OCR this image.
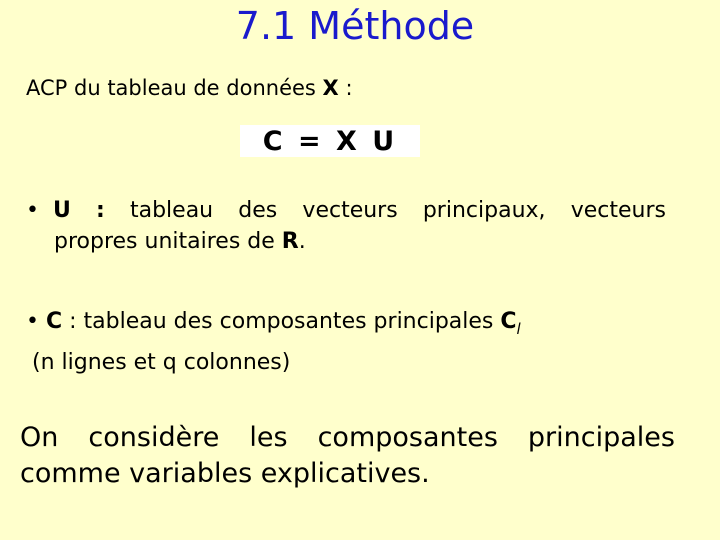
7.1 Méthode
ACP du tableau de données X :
C = X U
• U : tableau des vecteurs principaux, vecteurs
propres unitaires de R.
• C : tableau des composantes principales $C_l$
(n lignes et q colonnes)
On considère les composantes principales
comme variables explicatives.
